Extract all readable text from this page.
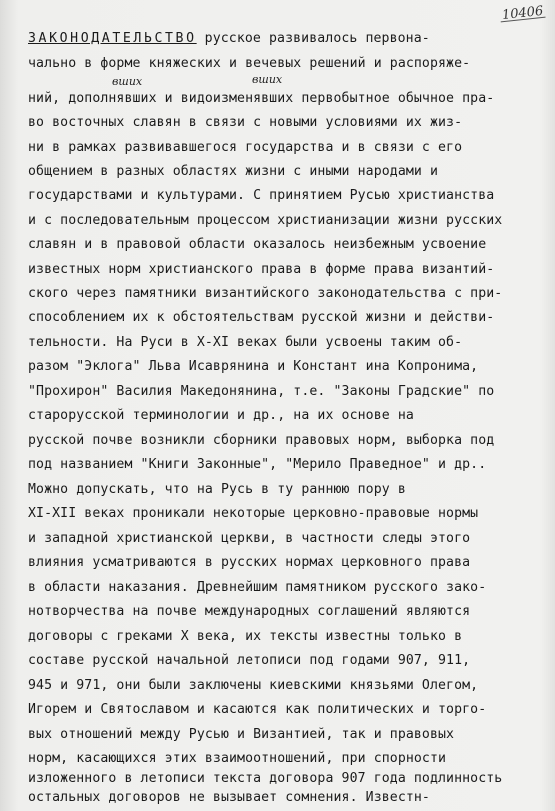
10406
вших	вших
ЗАКОНОДАТЕЛЬСТВО русское развивалось первона-
чально в форме княжеских и вечевых решений и распоряже-
ний, дополнявших и видоизменявших первобытное обычное пра-
во восточных славян в связи с новыми условиями их жиз-
ни в рамках развивавшегося государства и в связи с его
общением в разных областях жизни с иными народами и
государствами и культурами. С принятием Русью христианства
и с последовательным процессом христианизации жизни русских
славян и в правовой области оказалось неизбежным усвоение
известных норм христианского права в форме права византий-
ского через памятники византийского законодательства с при-
способлением их к обстоятельствам русской жизни и действи-
тельности. На Руси в X-XI веках были усвоены таким об-
разом "Эклога" Льва Исаврянина и Констант ина Копронима,
"Прохирон" Василия Македонянина, т.е. "Законы Градские" по
старорусской терминологии и др., на их основе на
русской почве возникли сборники правовых норм, выборка под
под названием "Книги Законные", "Мерило Праведное" и др..
Можно допускать, что на Русь в ту раннюю пору в
XI-XII веках проникали некоторые церковно-правовые нормы
и западной христианской церкви, в частности следы этого
влияния усматриваются в русских нормах церковного права
в области наказания. Древнейшим памятником русского зако-
нотворчества на почве международных соглашений являются
договоры с греками X века, их тексты известны только в
составе русской начальной летописи под годами 907, 911,
945 и 971, они были заключены киевскими князьями Олегом,
Игорем и Святославом и касаются как политических и торго-
вых отношений между Русью и Византией, так и правовых
норм, касающихся этих взаимоотношений, при спорности
изложенного в летописи текста договора 907 года подлинность
остальных договоров не вызывает сомнения. Известн-
